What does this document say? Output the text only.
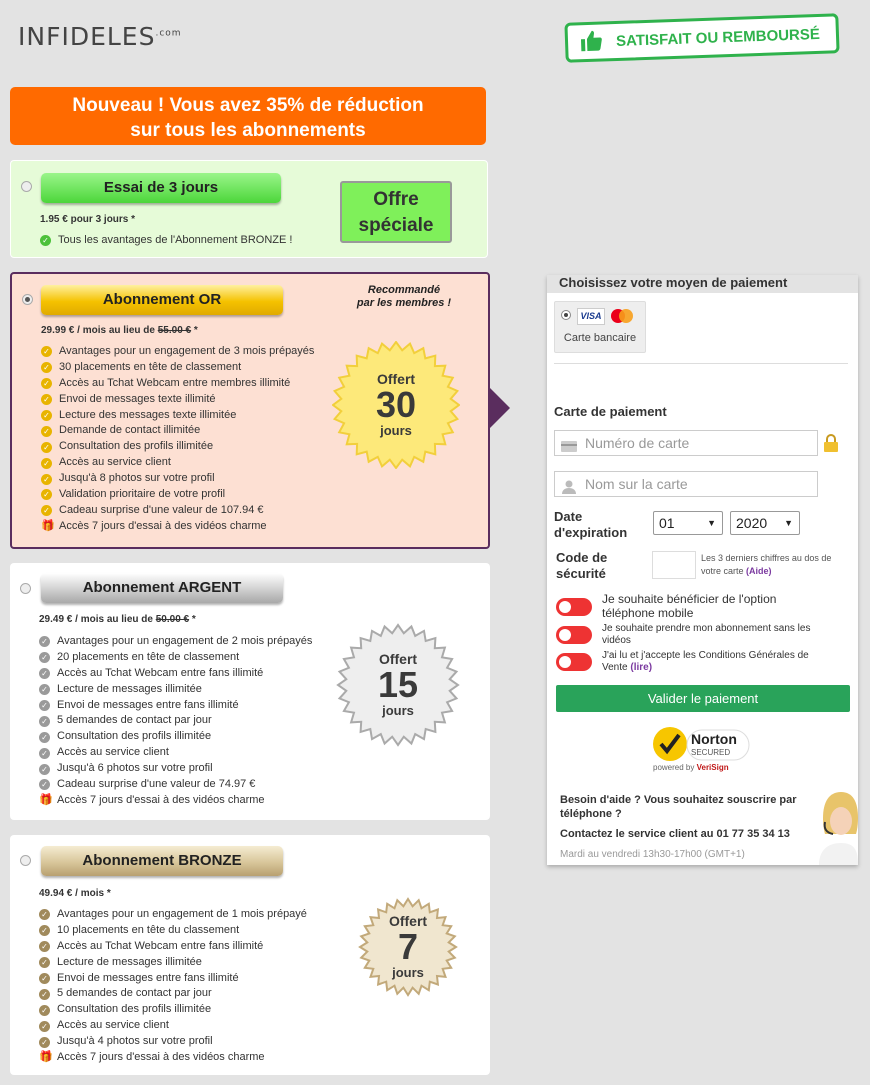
$INFIDELES^{.com}$	SATISFAIT OU REMBOURSÉ
Nouveau ! Vous avez 35% de réduction
sur tous les abonnements
Essai de 3 jours
1.95 € pour 3 jours *
✓ Tous les avantages de l'Abonnement BRONZE !
Offre
spéciale
Abonnement OR
Recommandé
par les membres !
29.99 € / mois au lieu de 55.00 € *
✓ Avantages pour un engagement de 3 mois prépayés
✓ 30 placements en tête de classement
✓ Accès au Tchat Webcam entre membres illimité
✓ Envoi de messages texte illimité
✓ Lecture des messages texte illimitée
✓ Demande de contact illimitée
✓ Consultation des profils illimitée
✓ Accès au service client
✓ Jusqu'à 8 photos sur votre profil
✓ Validation prioritaire de votre profil
✓ Cadeau surprise d'une valeur de 107.94 €
🎁 Accès 7 jours d'essai à des vidéos charme
Offert
30
jours
Abonnement ARGENT
29.49 € / mois au lieu de 50.00 € *
✓ Avantages pour un engagement de 2 mois prépayés
✓ 20 placements en tête de classement
✓ Accès au Tchat Webcam entre fans illimité
✓ Lecture de messages illimitée
✓ Envoi de messages entre fans illimité
✓ 5 demandes de contact par jour
✓ Consultation des profils illimitée
✓ Accès au service client
✓ Jusqu'à 6 photos sur votre profil
✓ Cadeau surprise d'une valeur de 74.97 €
🎁 Accès 7 jours d'essai à des vidéos charme
Offert
15
jours
Abonnement BRONZE
49.94 € / mois *
✓ Avantages pour un engagement de 1 mois prépayé
✓ 10 placements en tête du classement
✓ Accès au Tchat Webcam entre fans illimité
✓ Lecture de messages illimitée
✓ Envoi de messages entre fans illimité
✓ 5 demandes de contact par jour
✓ Consultation des profils illimitée
✓ Accès au service client
✓ Jusqu'à 4 photos sur votre profil
🎁 Accès 7 jours d'essai à des vidéos charme
Offert
7
jours
Choisissez votre moyen de paiement
VISA
Carte bancaire
Carte de paiement
Numéro de carte
Nom sur la carte
Date
d'expiration
01	▼	2020 ▼
Code de
sécurité
Les 3 derniers chiffres au dos de votre carte (Aide)
Je souhaite bénéficier de l'option téléphone mobile
Je souhaite prendre mon abonnement sans les vidéos
J'ai lu et j'accepte les Conditions Générales de Vente (lire)
Valider le paiement
Norton
SECURED
powered by VeriSign
Besoin d'aide ? Vous souhaitez souscrire par téléphone ?
Contactez le service client au 01 77 35 34 13
Mardi au vendredi 13h30-17h00 (GMT+1)
